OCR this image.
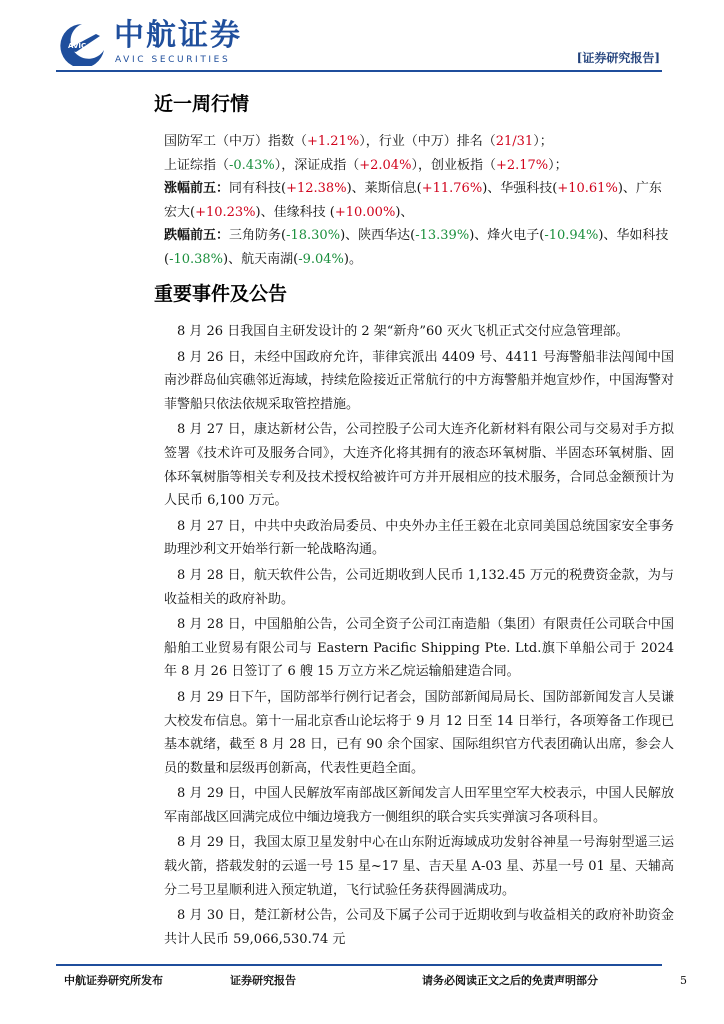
AVIC 中航证券
AVIC SECURITIES	[证券研究报告]
近一周行情

国防军工（中万）指数（+1.21%），行业（中万）排名（21/31）；

上证综指（-0.43%），深证成指（+2.04%），创业板指（+2.17%）；

涨幅前五：同有科技(+12.38%)、莱斯信息(+11.76%)、华强科技(+10.61%)、广东宏大(+10.23%)、佳缘科技 (+10.00%)、

跌幅前五：三角防务(-18.30%)、陕西华达(-13.39%)、烽火电子(-10.94%)、华如科技(-10.38%)、航天南湖(-9.04%)。

重要事件及公告

8 月 26 日我国自主研发设计的 2 架“新舟”60 灭火飞机正式交付应急管理部。

8 月 26 日，未经中国政府允许，菲律宾派出 4409 号、4411 号海警船非法闯闻中国南沙群岛仙宾礁邻近海域，持续危险接近正常航行的中方海警船并炮宣炒作，中国海警对菲警船只依法依规采取管控措施。

8 月 27 日，康达新材公告，公司控股子公司大连齐化新材料有限公司与交易对手方拟签署《技术许可及服务合同》，大连齐化将其拥有的液态环氧树脂、半固态环氧树脂、固体环氧树脂等相关专利及技术授权给被许可方并开展相应的技术服务，合同总金额预计为人民币 6,100 万元。

8 月 27 日，中共中央政治局委员、中央外办主任王毅在北京同美国总统国家安全事务助理沙利文开始举行新一轮战略沟通。

8 月 28 日，航天软件公告，公司近期收到人民币 1,132.45 万元的税费资金款，为与收益相关的政府补助。

8 月 28 日，中国船舶公告，公司全资子公司江南造船（集团）有限责任公司联合中国船舶工业贸易有限公司与 Eastern Pacific Shipping Pte. Ltd.旗下单船公司于 2024 年 8 月 26 日签订了 6 艘 15 万立方米乙烷运输船建造合同。

8 月 29 日下午，国防部举行例行记者会，国防部新闻局局长、国防部新闻发言人吴谦大校发布信息。第十一届北京香山论坛将于 9 月 12 日至 14 日举行，各项筹备工作现已基本就绪，截至 8 月 28 日，已有 90 余个国家、国际组织官方代表团确认出席，参会人员的数量和层级再创新高，代表性更趋全面。

8 月 29 日，中国人民解放军南部战区新闻发言人田军里空军大校表示，中国人民解放军南部战区回满完成位中缅边境我方一侧组织的联合实兵实弹演习各项科目。

8 月 29 日，我国太原卫星发射中心在山东附近海域成功发射谷神星一号海射型遥三运载火箭，搭载发射的云遥一号 15 星~17 星、吉天星 A-03 星、苏星一号 01 星、天辅高分二号卫星顺利进入预定轨道，飞行试验任务获得圆满成功。

8 月 30 日，楚江新材公告，公司及下属子公司于近期收到与收益相关的政府补助资金共计人民币 59,066,530.74 元

中航证券研究所发布	证券研究报告	请务必阅读正文之后的免责声明部分	5
